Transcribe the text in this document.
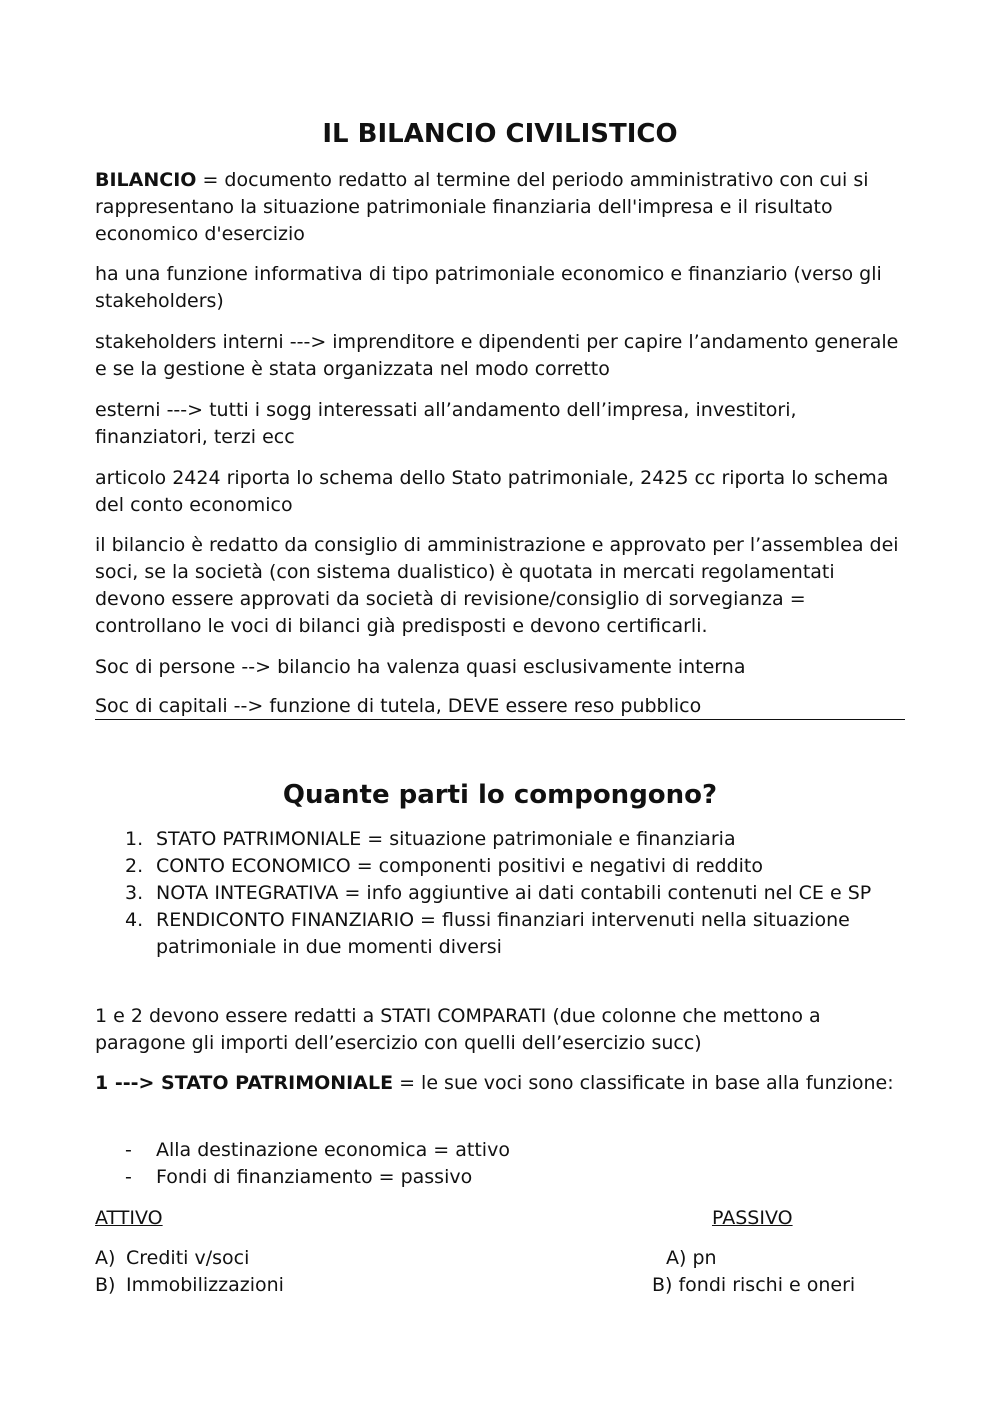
IL BILANCIO CIVILISTICO

BILANCIO = documento redatto al termine del periodo amministrativo con cui si rappresentano la situazione patrimoniale finanziaria dell'impresa e il risultato economico d'esercizio

ha una funzione informativa di tipo patrimoniale economico e finanziario (verso gli stakeholders)

stakeholders interni ---> imprenditore e dipendenti per capire l’andamento generale e se la gestione è stata organizzata nel modo corretto

esterni ---> tutti i sogg interessati all’andamento dell’impresa, investitori, finanziatori, terzi ecc

articolo 2424 riporta lo schema dello Stato patrimoniale, 2425 cc riporta lo schema del conto economico

il bilancio è redatto da consiglio di amministrazione e approvato per l’assemblea dei soci, se la società (con sistema dualistico) è quotata in mercati regolamentati devono essere approvati da società di revisione/consiglio di sorvegianza = controllano le voci di bilanci già predisposti e devono certificarli.

Soc di persone --> bilancio ha valenza quasi esclusivamente interna

Soc di capitali --> funzione di tutela, DEVE essere reso pubblico

Quante parti lo compongono?
1. STATO PATRIMONIALE = situazione patrimoniale e finanziaria
2. CONTO ECONOMICO = componenti positivi e negativi di reddito
3. NOTA INTEGRATIVA = info aggiuntive ai dati contabili contenuti nel CE e SP
4. RENDICONTO FINANZIARIO = flussi finanziari intervenuti nella situazione patrimoniale in due momenti diversi

1 e 2 devono essere redatti a STATI COMPARATI (due colonne che mettono a paragone gli importi dell’esercizio con quelli dell’esercizio succ)

1 ---> STATO PATRIMONIALE = le sue voci sono classificate in base alla funzione:

- Alla destinazione economica = attivo
- Fondi di finanziamento = passivo
ATTIVO
A) Crediti v/soci
B) Immobilizzazioni
PASSIVO
A) pn
B) fondi rischi e oneri
